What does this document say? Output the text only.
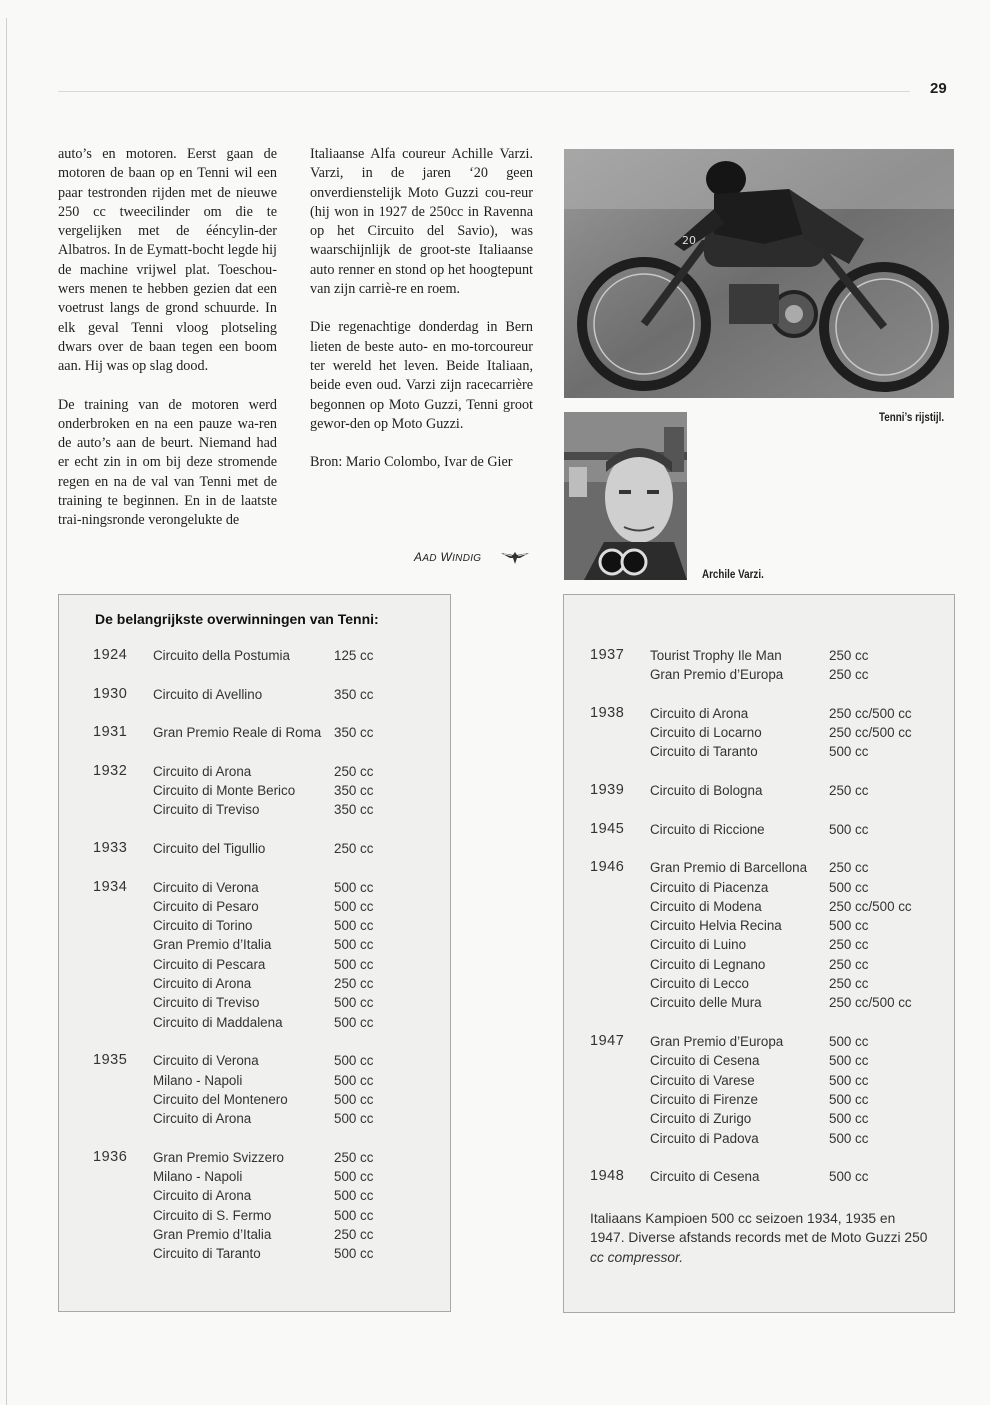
29

auto’s en motoren. Eerst gaan de motoren de baan op en Tenni wil een paar testronden rijden met de nieuwe 250 cc tweecilinder om die te vergelijken met de ééncylin-der Albatros. In de Eymatt-bocht legde hij de machine vrijwel plat. Toeschou-wers menen te hebben gezien dat een voetrust langs de grond schuurde. In elk geval Tenni vloog plotseling dwars over de baan tegen een boom aan. Hij was op slag dood.

De training van de motoren werd onderbroken en na een pauze wa-ren de auto’s aan de beurt. Niemand had er echt zin in om bij deze stromende regen en na de val van Tenni met de training te beginnen. En in de laatste trai-ningsronde verongelukte de

Italiaanse Alfa coureur Achille Varzi. Varzi, in de jaren ‘20 geen onverdienstelijk Moto Guzzi cou-reur (hij won in 1927 de 250cc in Ravenna op het Circuito del Savio), was waarschijnlijk de groot-ste Italiaanse auto renner en stond op het hoogtepunt van zijn carriè-re en roem.

Die regenachtige donderdag in Bern lieten de beste auto- en mo-torcoureur ter wereld het leven. Beide Italiaan, beide even oud. Varzi zijn racecarrière begonnen op Moto Guzzi, Tenni groot gewor-den op Moto Guzzi.

Bron: Mario Colombo, Ivar de Gier

AAD WINDIG
20
Tenni’s rijstijl.
Archile Varzi.
De belangrijkste overwinningen van Tenni:
1924 Circuito della Postumia	125 cc
1930 Circuito di Avellino	350 cc
1931 Gran Premio Reale di Roma 350 cc
1932 Circuito di Arona	250 cc
Circuito di Monte Berico	350 cc
Circuito di Treviso	350 cc
1933 Circuito del Tigullio	250 cc
1934 Circuito di Verona	500 cc
Circuito di Pesaro	500 cc
Circuito di Torino	500 cc
Gran Premio d’Italia	500 cc
Circuito di Pescara	500 cc
Circuito di Arona	250 cc
Circuito di Treviso	500 cc
Circuito di Maddalena	500 cc
1935 Circuito di Verona	500 cc
Milano - Napoli	500 cc
Circuito del Montenero	500 cc
Circuito di Arona	500 cc
1936 Gran Premio Svizzero	250 cc
Milano - Napoli	500 cc
Circuito di Arona	500 cc
Circuito di S. Fermo	500 cc
Gran Premio d’Italia	250 cc
Circuito di Taranto	500 cc
1937 Tourist Trophy Ile Man	250 cc
Gran Premio d’Europa	250 cc
1938 Circuito di Arona	250 cc/500 cc
Circuito di Locarno	250 cc/500 cc
Circuito di Taranto	500 cc
1939 Circuito di Bologna	250 cc
1945 Circuito di Riccione	500 cc
1946 Gran Premio di Barcellona 250 cc
Circuito di Piacenza	500 cc
Circuito di Modena	250 cc/500 cc
Circuito Helvia Recina	500 cc
Circuito di Luino	250 cc
Circuito di Legnano	250 cc
Circuito di Lecco	250 cc
Circuito delle Mura	250 cc/500 cc
1947 Gran Premio d’Europa	500 cc
Circuito di Cesena	500 cc
Circuito di Varese	500 cc
Circuito di Firenze	500 cc
Circuito di Zurigo	500 cc
Circuito di Padova	500 cc
1948 Circuito di Cesena	500 cc
Italiaans Kampioen 500 cc seizoen 1934, 1935 en 1947. Diverse afstands records met de Moto Guzzi 250 cc compressor.
